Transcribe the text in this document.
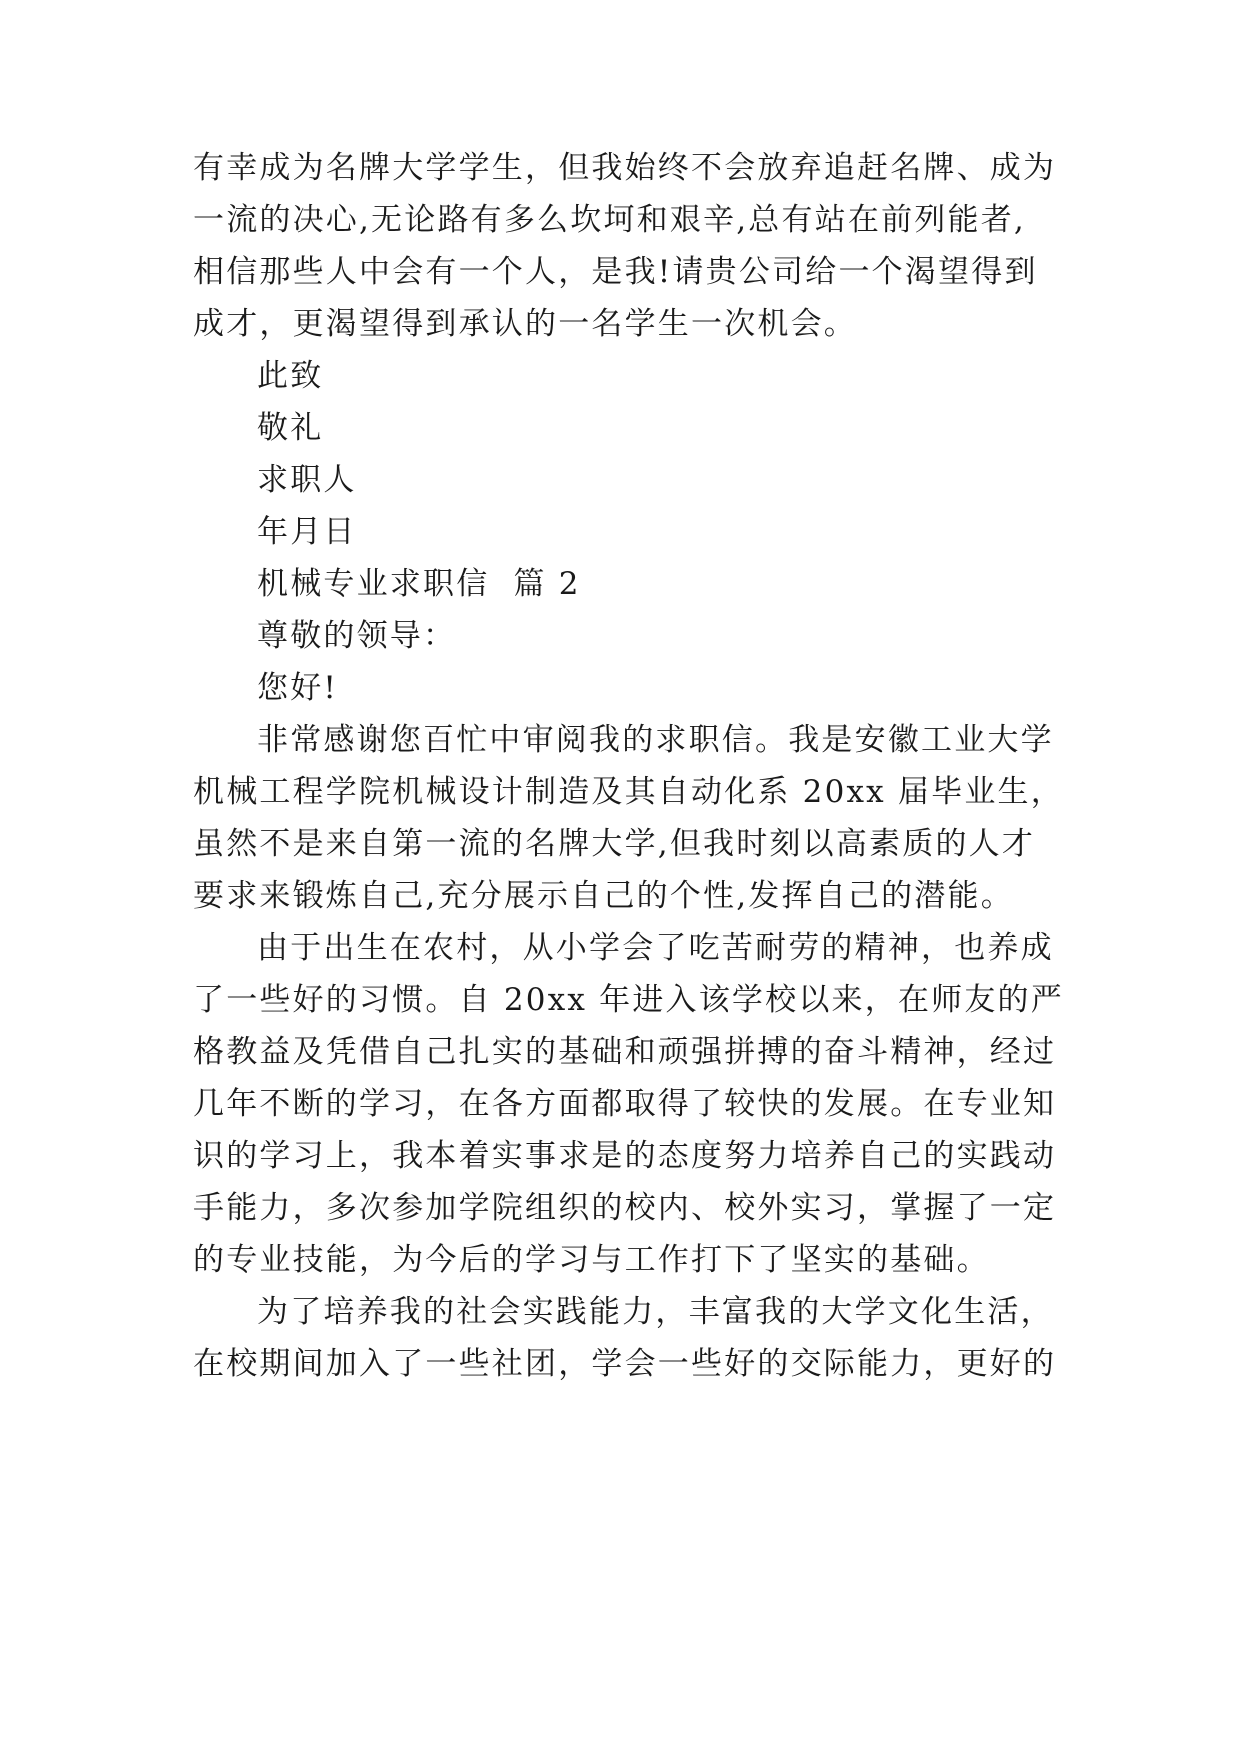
有幸成为名牌大学学生，但我始终不会放弃追赶名牌、成为
一流的决心,无论路有多么坎坷和艰辛,总有站在前列能者,
相信那些人中会有一个人，是我!请贵公司给一个渴望得到
成才，更渴望得到承认的一名学生一次机会。
此致
敬礼
求职人
年月日
机械专业求职信  篇 2
尊敬的领导：
您好!
非常感谢您百忙中审阅我的求职信。我是安徽工业大学
机械工程学院机械设计制造及其自动化系 20xx 届毕业生，
虽然不是来自第一流的名牌大学,但我时刻以高素质的人才
要求来锻炼自己,充分展示自己的个性,发挥自己的潜能。
由于出生在农村，从小学会了吃苦耐劳的精神，也养成
了一些好的习惯。自 20xx 年进入该学校以来，在师友的严
格教益及凭借自己扎实的基础和顽强拼搏的奋斗精神，经过
几年不断的学习，在各方面都取得了较快的发展。在专业知
识的学习上，我本着实事求是的态度努力培养自己的实践动
手能力，多次参加学院组织的校内、校外实习，掌握了一定
的专业技能，为今后的学习与工作打下了坚实的基础。
为了培养我的社会实践能力，丰富我的大学文化生活，
在校期间加入了一些社团，学会一些好的交际能力，更好的
